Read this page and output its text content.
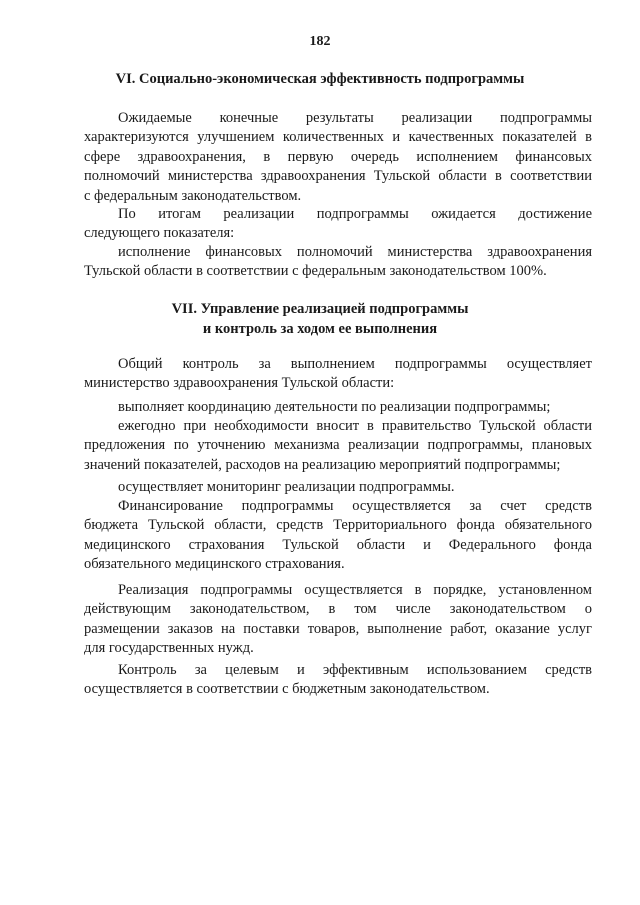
182
VI. Социально-экономическая эффективность подпрограммы
Ожидаемые конечные результаты реализации подпрограммы
характеризуются улучшением количественных и качественных показателей в
сфере здравоохранения, в первую очередь исполнением финансовых
полномочий министерства здравоохранения Тульской области в соответствии
с федеральным законодательством.
По итогам реализации подпрограммы ожидается достижение
следующего показателя:
исполнение финансовых полномочий министерства здравоохранения
Тульской области в соответствии с федеральным законодательством 100%.
VII. Управление реализацией подпрограммы
и контроль за ходом ее выполнения
Общий контроль за выполнением подпрограммы осуществляет
министерство здравоохранения Тульской области:
выполняет координацию деятельности по реализации подпрограммы;
ежегодно при необходимости вносит в правительство Тульской области
предложения по уточнению механизма реализации подпрограммы, плановых
значений показателей, расходов на реализацию мероприятий подпрограммы;
осуществляет мониторинг реализации подпрограммы.
Финансирование подпрограммы осуществляется за счет средств
бюджета Тульской области, средств Территориального фонда обязательного
медицинского страхования Тульской области и Федерального фонда
обязательного медицинского страхования.
Реализация подпрограммы осуществляется в порядке, установленном
действующим законодательством, в том числе законодательством о
размещении заказов на поставки товаров, выполнение работ, оказание услуг
для государственных нужд.
Контроль за целевым и эффективным использованием средств
осуществляется в соответствии с бюджетным законодательством.
